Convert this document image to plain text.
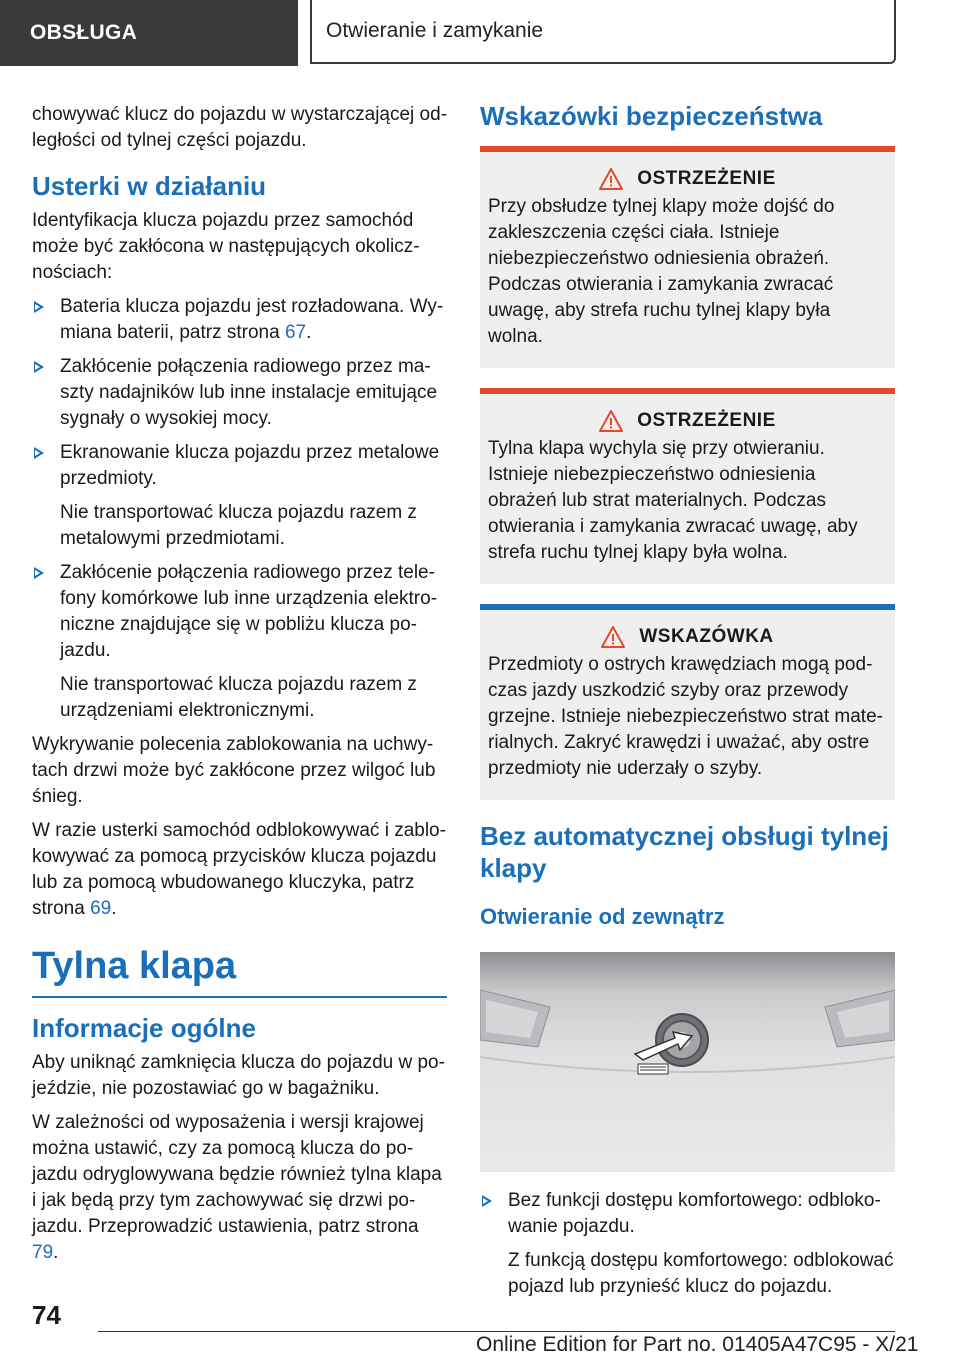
OBSŁUGA	Otwieranie i zamykanie

chowywać klucz do pojazdu w wystarczającej odległości od tylnej części pojazdu.

Usterki w działaniu

Identyfikacja klucza pojazdu przez samochód może być zakłócona w następujących okolicznościach:

Bateria klucza pojazdu jest rozładowana. Wymiana baterii, patrz strona 67.
Zakłócenie połączenia radiowego przez maszty nadajników lub inne instalacje emitujące sygnały o wysokiej mocy.
Ekranowanie klucza pojazdu przez metalowe przedmioty.
Nie transportować klucza pojazdu razem z metalowymi przedmiotami.
Zakłócenie połączenia radiowego przez telefony komórkowe lub inne urządzenia elektroniczne znajdujące się w pobliżu klucza pojazdu.
Nie transportować klucza pojazdu razem z urządzeniami elektronicznymi.

Wykrywanie polecenia zablokowania na uchwytach drzwi może być zakłócone przez wilgoć lub śnieg.

W razie usterki samochód odblokowywać i zablokowywać za pomocą przycisków klucza pojazdu lub za pomocą wbudowanego kluczyka, patrz strona 69.

Tylna klapa
Informacje ogólne

Aby uniknąć zamknięcia klucza do pojazdu w pojeździe, nie pozostawiać go w bagażniku.

W zależności od wyposażenia i wersji krajowej można ustawić, czy za pomocą klucza do pojazdu odryglowywana będzie również tylna klapa i jak będą przy tym zachowywać się drzwi pojazdu. Przeprowadzić ustawienia, patrz strona 79.

Wskazówki bezpieczeństwa
OSTRZEŻENIE

Przy obsłudze tylnej klapy może dojść do zakleszczenia części ciała. Istnieje niebezpieczeństwo odniesienia obrażeń. Podczas otwierania i zamykania zwracać uwagę, aby strefa ruchu tylnej klapy była wolna.

OSTRZEŻENIE

Tylna klapa wychyla się przy otwieraniu. Istnieje niebezpieczeństwo odniesienia obrażeń lub strat materialnych. Podczas otwierania i zamykania zwracać uwagę, aby strefa ruchu tylnej klapy była wolna.

WSKAZÓWKA

Przedmioty o ostrych krawędziach mogą podczas jazdy uszkodzić szyby oraz przewody grzejne. Istnieje niebezpieczeństwo strat materialnych. Zakryć krawędzi i uważać, aby ostre przedmioty nie uderzały o szyby.

Bez automatycznej obsługi tylnej klapy
Otwieranie od zewnątrz
Bez funkcji dostępu komfortowego: odblokowanie pojazdu.
Z funkcją dostępu komfortowego: odblokować pojazd lub przynieść klucz do pojazdu.
74
Online Edition for Part no. 01405A47C95 - X/21
